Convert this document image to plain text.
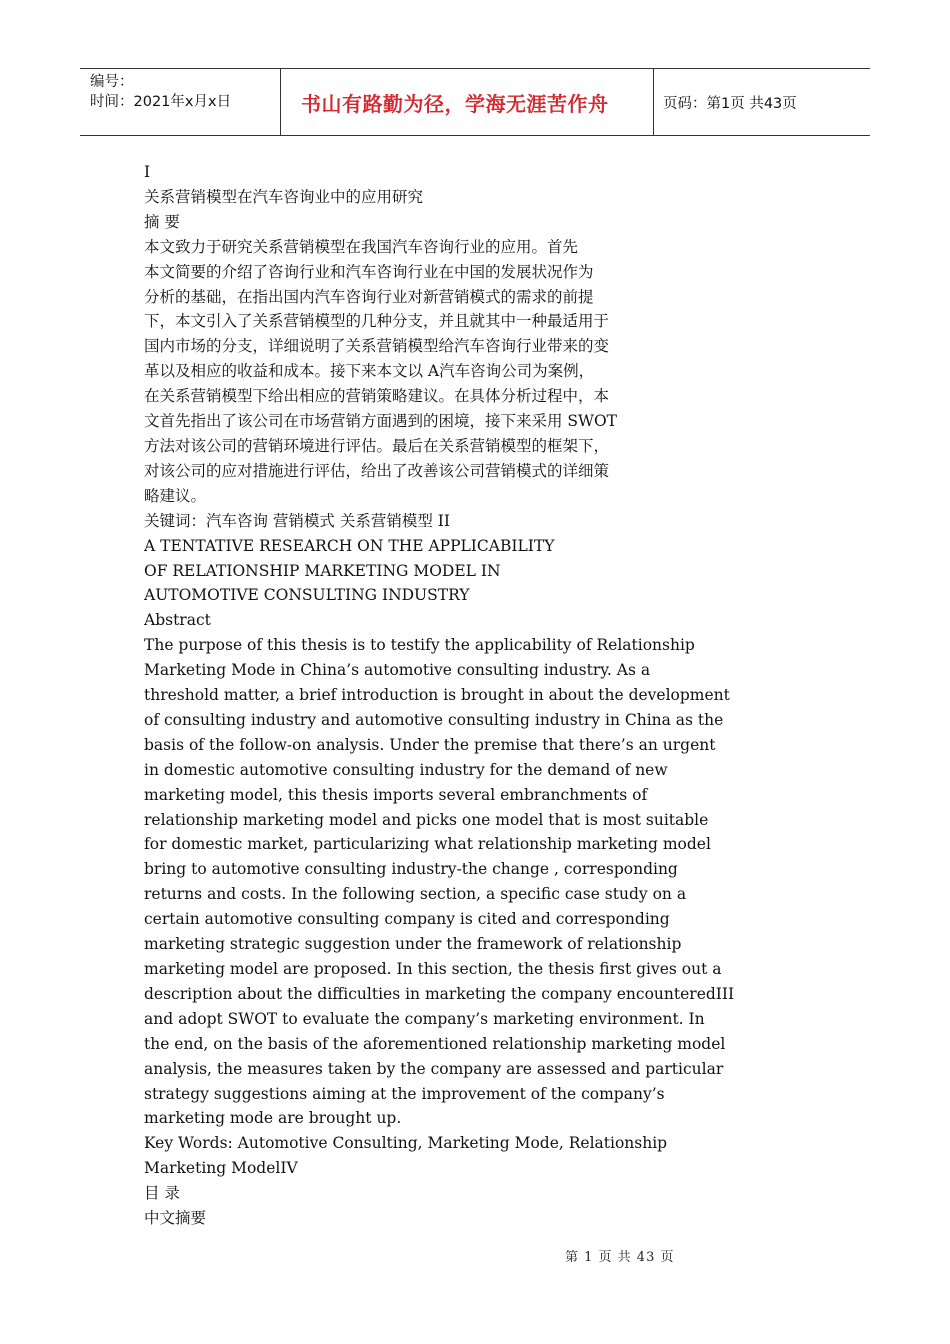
编号：
时间：2021年x月x日	书山有路勤为径，学海无涯苦作舟	页码：第1页 共43页
I
关系营销模型在汽车咨询业中的应用研究
摘 要
本文致力于研究关系营销模型在我国汽车咨询行业的应用。首先
本文简要的介绍了咨询行业和汽车咨询行业在中国的发展状况作为
分析的基础，在指出国内汽车咨询行业对新营销模式的需求的前提
下，本文引入了关系营销模型的几种分支，并且就其中一种最适用于
国内市场的分支，详细说明了关系营销模型给汽车咨询行业带来的变
革以及相应的收益和成本。接下来本文以 A汽车咨询公司为案例，
在关系营销模型下给出相应的营销策略建议。在具体分析过程中，本
文首先指出了该公司在市场营销方面遇到的困境，接下来采用 SWOT
方法对该公司的营销环境进行评估。最后在关系营销模型的框架下，
对该公司的应对措施进行评估，给出了改善该公司营销模式的详细策
略建议。
关键词：汽车咨询 营销模式 关系营销模型 II
A TENTATIVE RESEARCH ON THE APPLICABILITY
OF RELATIONSHIP MARKETING MODEL IN
AUTOMOTIVE CONSULTING INDUSTRY
Abstract
The purpose of this thesis is to testify the applicability of Relationship
Marketing Mode in China’s automotive consulting industry. As a
threshold matter, a brief introduction is brought in about the development
of consulting industry and automotive consulting industry in China as the
basis of the follow-on analysis. Under the premise that there’s an urgent
in domestic automotive consulting industry for the demand of new
marketing model, this thesis imports several embranchments of
relationship marketing model and picks one model that is most suitable
for domestic market, particularizing what relationship marketing model
bring to automotive consulting industry-the change , corresponding
returns and costs. In the following section, a specific case study on a
certain automotive consulting company is cited and corresponding
marketing strategic suggestion under the framework of relationship
marketing model are proposed. In this section, the thesis first gives out a
description about the difficulties in marketing the company encounteredIII
and adopt SWOT to evaluate the company’s marketing environment. In
the end, on the basis of the aforementioned relationship marketing model
analysis, the measures taken by the company are assessed and particular
strategy suggestions aiming at the improvement of the company’s
marketing mode are brought up.
Key Words: Automotive Consulting, Marketing Mode, Relationship
Marketing ModelIV
目 录
中文摘要
第 1 页 共 43 页
